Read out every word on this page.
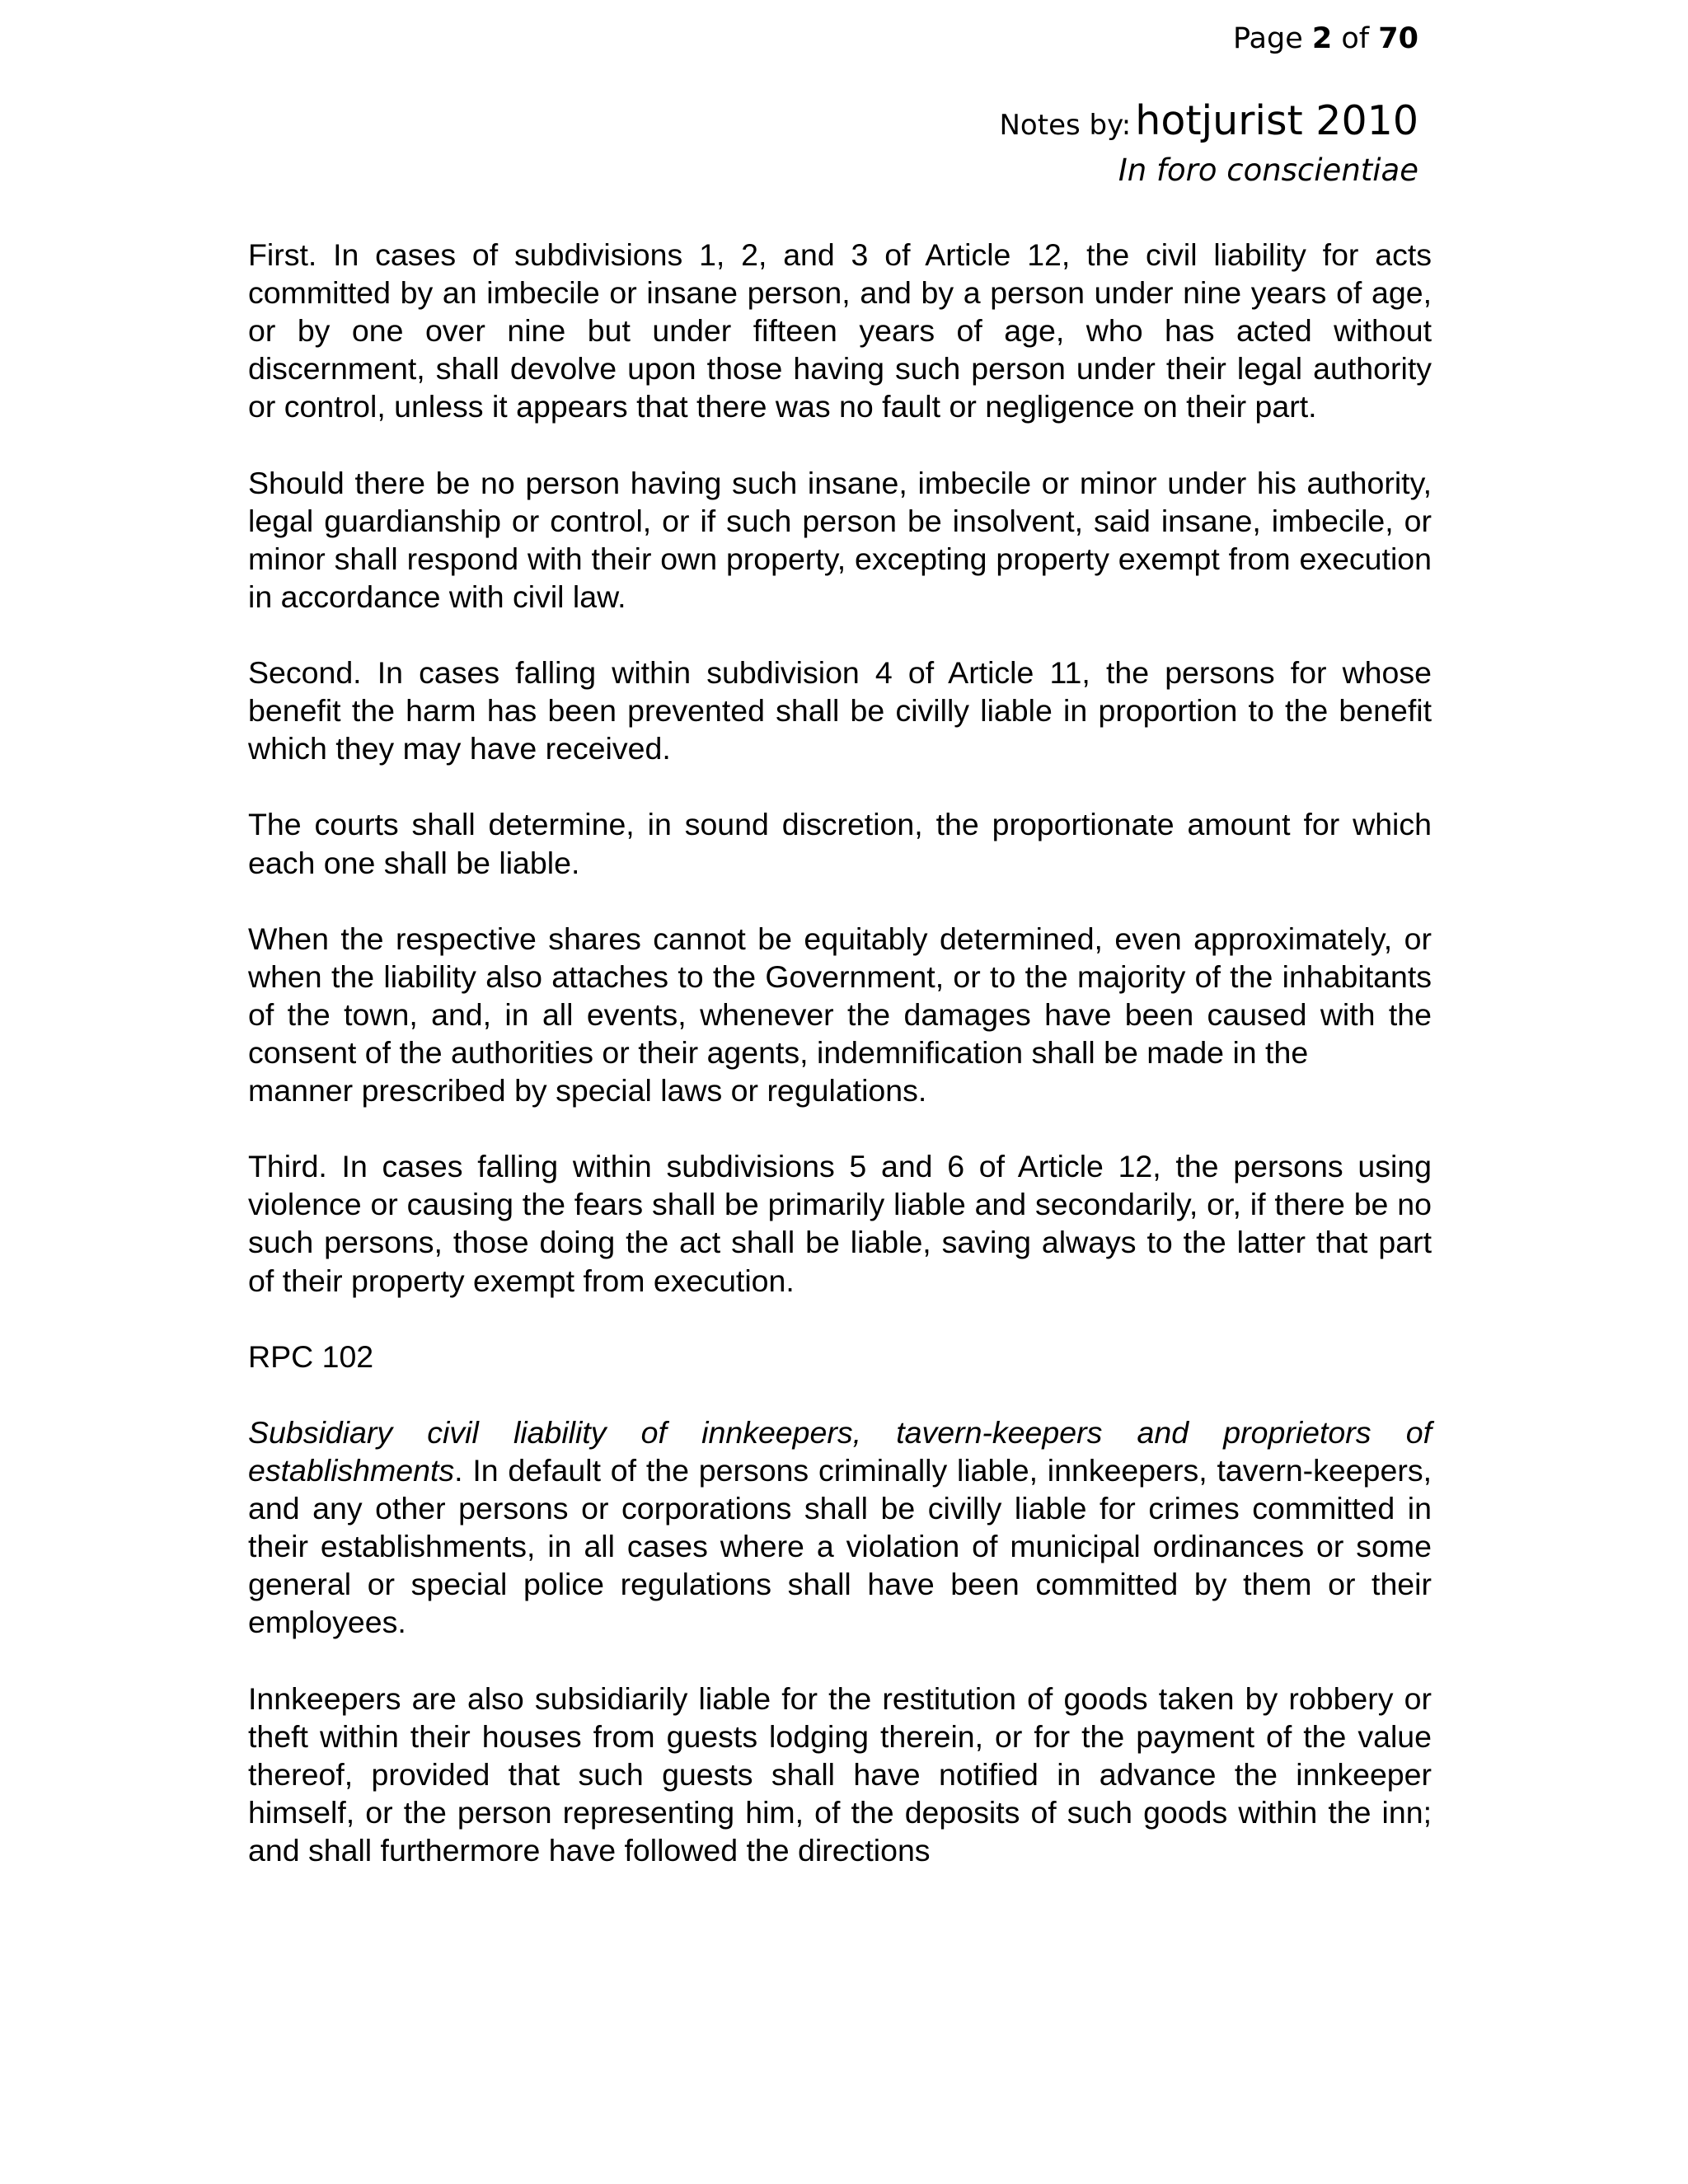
Page 2 of 70
Notes by: hotjurist 2010
In foro conscientiae

First. In cases of subdivisions 1, 2, and 3 of Article 12, the civil liability for acts committed by an imbecile or insane person, and by a person under nine years of age, or by one over nine but under fifteen years of age, who has acted without discernment, shall devolve upon those having such person under their legal authority or control, unless it appears that there was no fault or negligence on their part.

Should there be no person having such insane, imbecile or minor under his authority, legal guardianship or control, or if such person be insolvent, said insane, imbecile, or minor shall respond with their own property, excepting property exempt from execution in accordance with civil law.

Second. In cases falling within subdivision 4 of Article 11, the persons for whose benefit the harm has been prevented shall be civilly liable in proportion to the benefit which they may have received.

The courts shall determine, in sound discretion, the proportionate amount for which each one shall be liable.

When the respective shares cannot be equitably determined, even approximately, or when the liability also attaches to the Government, or to the majority of the inhabitants of the town, and, in all events, whenever the damages have been caused with the consent of the authorities or their agents, indemnification shall be made in the
manner prescribed by special laws or regulations.

Third. In cases falling within subdivisions 5 and 6 of Article 12, the persons using violence or causing the fears shall be primarily liable and secondarily, or, if there be no such persons, those doing the act shall be liable, saving always to the latter that part of their property exempt from execution.

RPC 102

Subsidiary civil liability of innkeepers, tavern-keepers and proprietors of establishments. In default of the persons criminally liable, innkeepers, tavern-keepers, and any other persons or corporations shall be civilly liable for crimes committed in their establishments, in all cases where a violation of municipal ordinances or some general or special police regulations shall have been committed by them or their employees.

Innkeepers are also subsidiarily liable for the restitution of goods taken by robbery or theft within their houses from guests lodging therein, or for the payment of the value thereof, provided that such guests shall have notified in advance the innkeeper himself, or the person representing him, of the deposits of such goods within the inn; and shall furthermore have followed the directions
